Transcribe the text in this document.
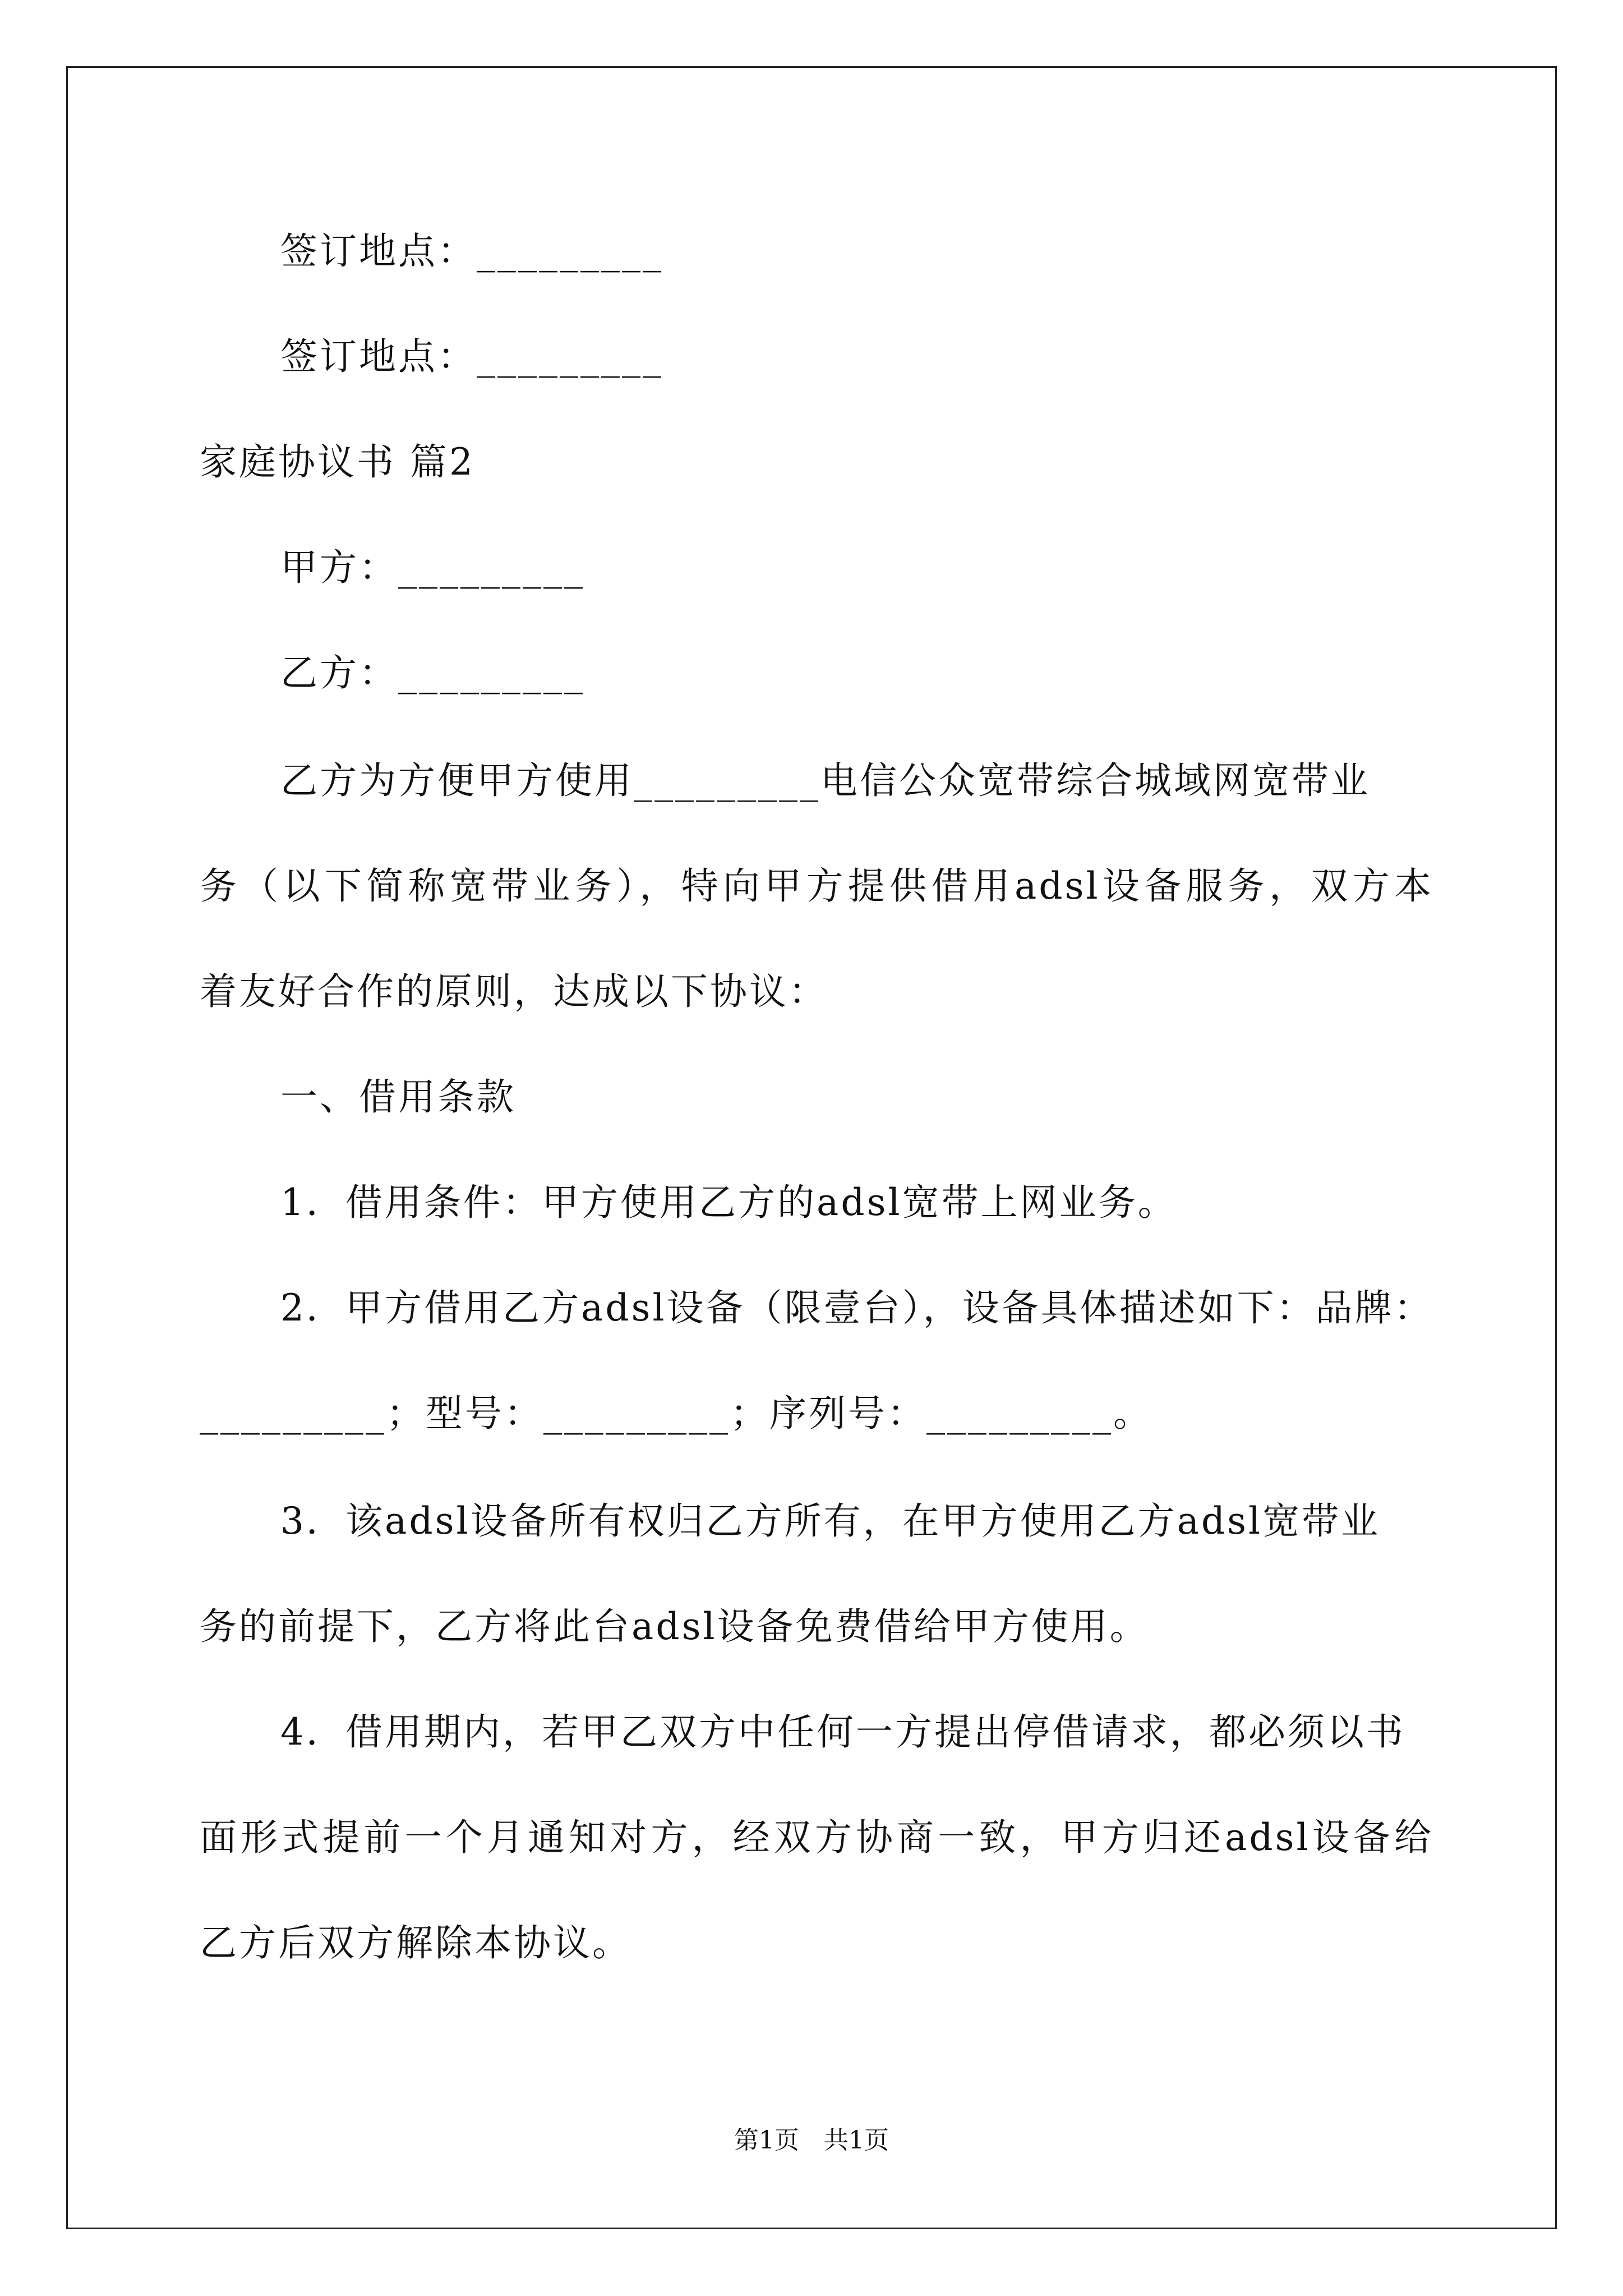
签订地点：_________
签订地点：_________
家庭协议书 篇2
甲方：_________
乙方：_________
乙方为方便甲方使用_________电信公众宽带综合城域网宽带业
务（以下简称宽带业务），特向甲方提供借用adsl设备服务，双方本
着友好合作的原则，达成以下协议：
一、借用条款
1．借用条件：甲方使用乙方的adsl宽带上网业务。
2．甲方借用乙方adsl设备（限壹台），设备具体描述如下：品牌：
_________；型号：_________；序列号：_________。
3．该adsl设备所有权归乙方所有，在甲方使用乙方adsl宽带业
务的前提下，乙方将此台adsl设备免费借给甲方使用。
4．借用期内，若甲乙双方中任何一方提出停借请求，都必须以书
面形式提前一个月通知对方，经双方协商一致，甲方归还adsl设备给
乙方后双方解除本协议。
第1页　共1页
